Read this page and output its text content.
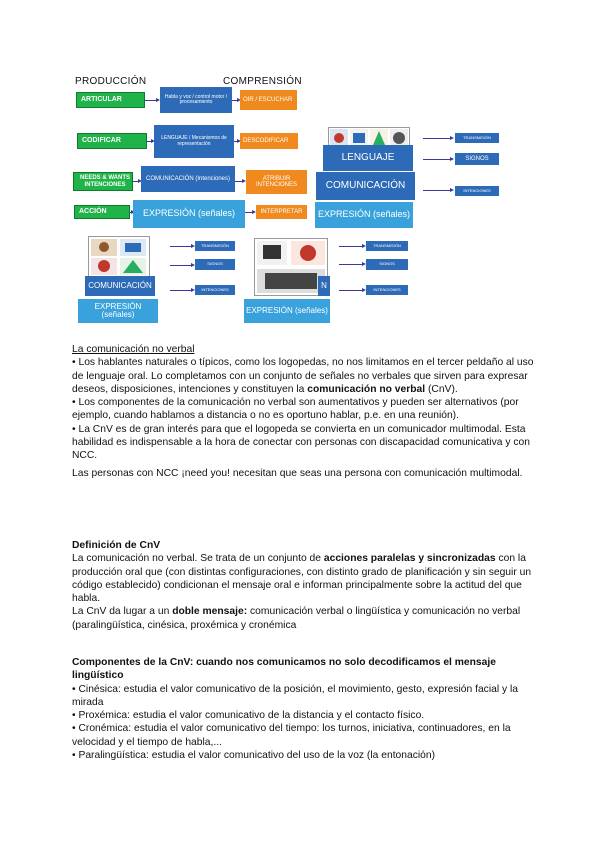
PRODUCCIÓN	COMPRENSIÓN
ARTICULAR	Habla y voz / control motor / procesamiento	OIR / ESCUCHAR
CODIFICAR	LENGUAJE / Mecanismos de representación	DESCODIFICAR
NEEDS & WANTS INTENCIONES
COMUNICACIÓN (Intenciones)	ATRIBUIR INTENCIONES
ACCIÓN	EXPRESIÓN (señales)	INTERPRETAR
LENGUAJE
COMUNICACIÓN
EXPRESIÓN (señales)
TRANSMISIÓN
SIGNOS
INTENCIONES
COMUNICACIÓN
EXPRESIÓN (señales)
TRANSMISIÓN
SIGNOS
INTENCIONES	N
EXPRESIÓN (señales)
TRANSMISIÓN
SIGNOS
INTENCIONES

La comunicación no verbal

• Los hablantes naturales o típicos, como los logopedas, no nos limitamos en el tercer peldaño al uso de lenguaje oral. Lo completamos con un conjunto de señales no verbales que sirven para expresar deseos, disposiciones, intenciones y constituyen la comunicación no verbal (CnV).

• Los componentes de la comunicación no verbal son aumentativos y pueden ser alternativos (por ejemplo, cuando hablamos a distancia o no es oportuno hablar, p.e. en una reunión).

• La CnV es de gran interés para que el logopeda se convierta en un comunicador multimodal. Esta habilidad es indispensable a la hora de conectar con personas con discapacidad comunicativa y con NCC.

Las personas con NCC ¡need you! necesitan que seas una persona con comunicación multimodal.

Definición de CnV

La comunicación no verbal. Se trata de un conjunto de acciones paralelas y sincronizadas con la producción oral que (con distintas configuraciones, con distinto grado de planificación y sin seguir un código establecido) condicionan el mensaje oral e informan principalmente sobre la actitud del que habla.

La CnV da lugar a un doble mensaje: comunicación verbal o lingüística y comunicación no verbal (paralingüística, cinésica, proxémica y cronémica

Componentes de la CnV: cuando nos comunicamos no solo decodificamos el mensaje lingüístico

• Cinésica: estudia el valor comunicativo de la posición, el movimiento, gesto, expresión facial y la mirada

• Proxémica: estudia el valor comunicativo de la distancia y el contacto físico.

• Cronémica: estudia el valor comunicativo del tiempo: los turnos, iniciativa, continuadores, en la velocidad y el tiempo de habla,...

• Paralingüística: estudia el valor comunicativo del uso de la voz (la entonación)
